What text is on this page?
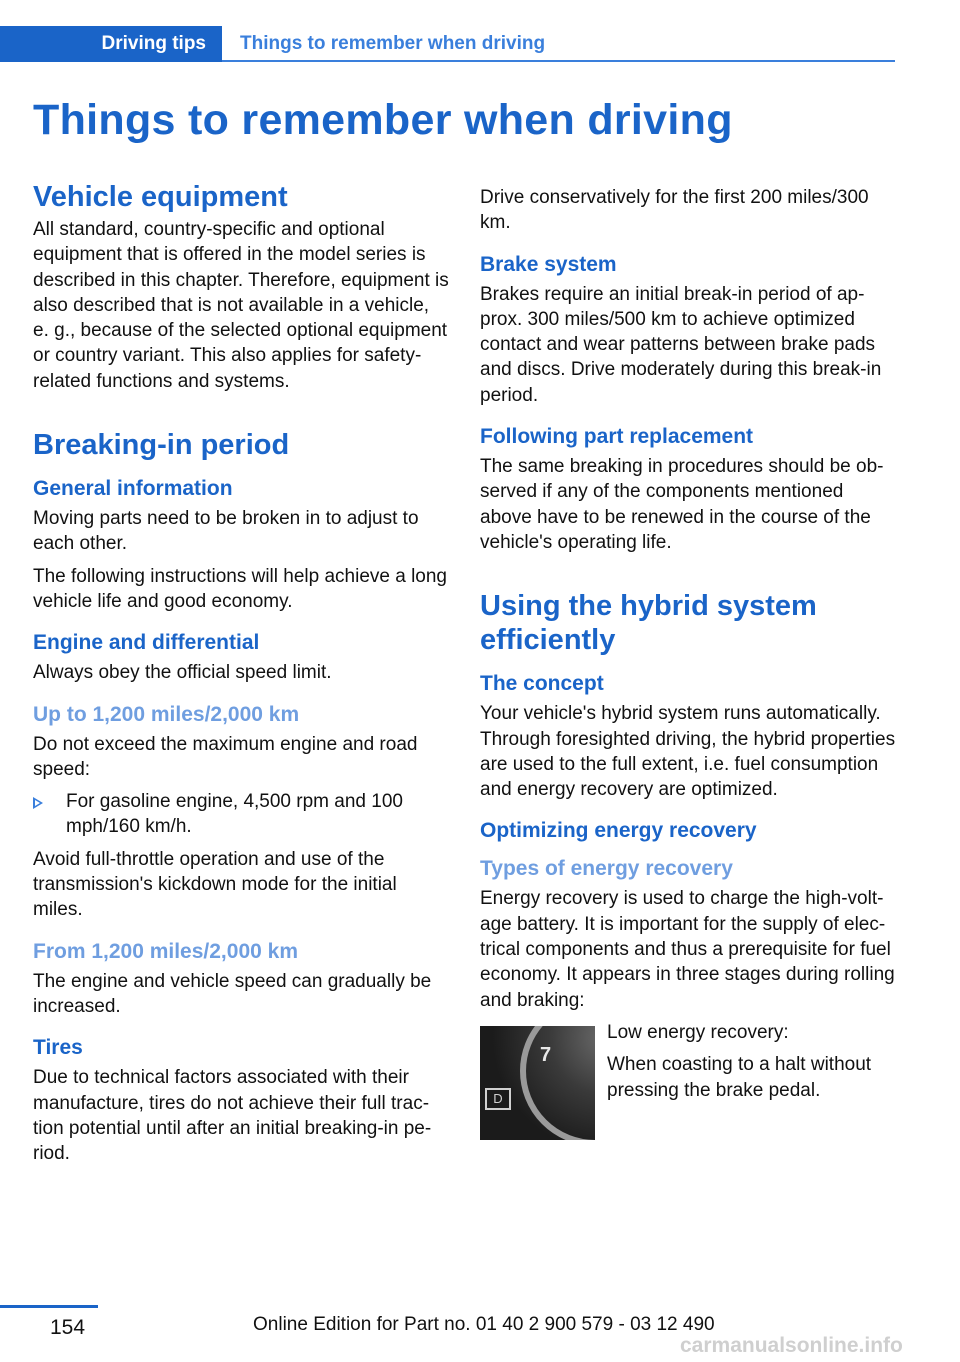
Driving tips	Things to remember when driving
Things to remember when driving
Vehicle equipment

All standard, country-specific and optional equipment that is offered in the model series is described in this chapter. Therefore, equipment is also described that is not available in a vehicle, e. g., because of the selected optional equipment or country variant. This also applies for safety-related functions and systems.

Breaking-in period
General information

Moving parts need to be broken in to adjust to each other.

The following instructions will help achieve a long vehicle life and good economy.

Engine and differential

Always obey the official speed limit.

Up to 1,200 miles/2,000 km

Do not exceed the maximum engine and road speed:

For gasoline engine, 4,500 rpm and 100 mph/160 km/h.

Avoid full-throttle operation and use of the transmission's kickdown mode for the initial miles.

From 1,200 miles/2,000 km

The engine and vehicle speed can gradually be increased.

Tires

Due to technical factors associated with their manufacture, tires do not achieve their full traction potential until after an initial breaking-in period.

Drive conservatively for the first 200 miles/300 km.

Brake system

Brakes require an initial break-in period of approx. 300 miles/500 km to achieve optimized contact and wear patterns between brake pads and discs. Drive moderately during this break-in period.

Following part replacement

The same breaking in procedures should be observed if any of the components mentioned above have to be renewed in the course of the vehicle's operating life.

Using the hybrid system efficiently
The concept

Your vehicle's hybrid system runs automatically. Through foresighted driving, the hybrid properties are used to the full extent, i.e. fuel consumption and energy recovery are optimized.

Optimizing energy recovery
Types of energy recovery

Energy recovery is used to charge the high-voltage battery. It is important for the supply of electrical components and thus a prerequisite for fuel economy. It appears in three stages during rolling and braking:

7
D

Low energy recovery:

When coasting to a halt without pressing the brake pedal.

154	Online Edition for Part no. 01 40 2 900 579 - 03 12 490
carmanualsonline.info
